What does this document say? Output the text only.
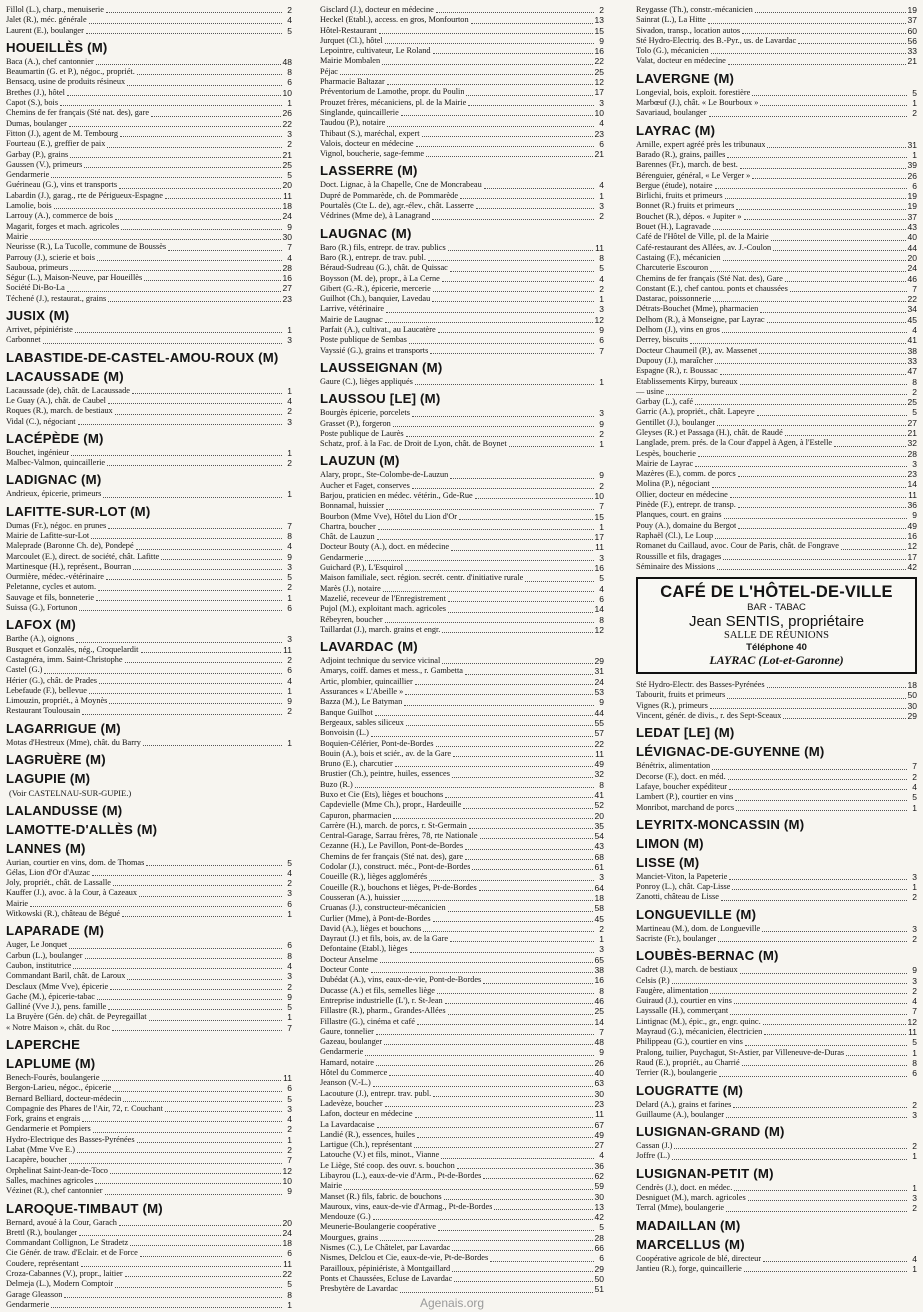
Fillol (L.), charp., menuiserie	2
Jalet (R.), méc. générale	4
Laurent (E.), boulanger	5
HOUEILLÈS (M)
Baca (A.), chef cantonnier	48
Beaumartin (G. et P.), négoc., propriét.	8
Bensacq, usine de produits résineux	6
Brethes (J.), hôtel	10
Capot (S.), bois	1
Chemins de fer français (Sté nat. des), gare	26
Dumas, boulanger	22
Fitton (J.), agent de M. Tembourg	3
Fourteau (E.), greffier de paix	2
Garbay (P.), grains	21
Gaussen (V.), primeurs	25
Gendarmerie	5
Guérineau (G.), vins et transports	20
Labardin (J.), garag., rte de Périgueux-Espagne	11
Lamolie, bois	18
Larrouy (A.), commerce de bois	24
Magarit, forges et mach. agricoles	9
Mairie	30
Neurisse (R.), La Tucolle, commune de Boussès	7
Parrouy (J.), scierie et bois	4
Sauboua, primeurs	28
Ségur (L.), Maison-Neuve, par Houeillès	16
Société Di-Bo-La	27
Téchené (J.), restaurat., grains	23
JUSIX (M)
Arrivet, pépiniériste	1
Carbonnet	3
LABASTIDE-DE-CASTEL-AMOU-ROUX (M)
LACAUSSADE (M)
Lacaussade (de), chât. de Lacaussade	1
Le Guay (A.), chât. de Caubel	4
Roques (R.), march. de bestiaux	2
Vidal (C.), négociant	3
LACÉPÈDE (M)
Bouchet, ingénieur	1
Malbec-Valmon, quincaillerie	2
LADIGNAC (M)
Andrieux, épicerie, primeurs	1
LAFITTE-SUR-LOT (M)
Dumas (Fr.), négoc. en prunes	7
Mairie de Lafitte-sur-Lot	8
Maleprade (Baronne Ch. de), Pondepé	4
Marcoulet (E.), direct. de société, chât. Lafitte	9
Martinesque (H.), représent., Bourran	3
Ourmière, médec.-vétérinaire	5
Peletanne, cycles et autom.	2
Sauvage et fils, bonneterie	1
Suissa (G.), Fortunon	6
LAFOX (M)
Barthe (A.), oignons	3
Busquet et Gonzalès, nég., Croquelardit	11
Castagnéra, imm. Saint-Christophe	2
Castel (G.)	6
Hérier (G.), chât. de Prades	4
Lebefaude (F.), bellevue	1
Limouzin, propriét., à Moynès	9
Restaurant Toulousain	2
LAGARRIGUE (M)
Motas d'Hestreux (Mme), chât. du Barry	1
LAGRUÈRE (M)
LAGUPIE (M)
(Voir CASTELNAU-SUR-GUPIE.)
LALANDUSSE (M)
LAMOTTE-D'ALLÈS (M)
LANNES (M)
Aurian, courtier en vins, dom. de Thomas	5
Gélas, Lion d'Or d'Auzac	4
Joly, propriét., chât. de Lassalle	2
Kauffer (J.), avoc. à la Cour, à Cazeaux	3
Mairie	6
Witkowski (R.), château de Bégué	1
LAPARADE (M)
Auger, Le Jonquet	6
Carbun (L.), boulanger	8
Caubon, institutrice	4
Commandant Baril, chât. de Laroux	3
Desclaux (Mme Vve), épicerie	2
Gache (M.), épicerie-tabac	9
Galliné (Vve J.), pens. famille	5
La Bruyère (Gén. de) chât. de Peyregaillat	1
« Notre Maison », chât. du Roc	7
LAPERCHE
LAPLUME (M)
Benech-Fourès, boulangerie	11
Bergon-Larieu, négoc., épicerie	6
Bernard Belliard, docteur-médecin	5
Compagnie des Phares de l'Air, 72, r. Couchant	3
Fork, grains et engrais	4
Gendarmerie et Pompiers	2
Hydro-Electrique des Basses-Pyrénées	1
Labat (Mme Vve E.)	2
Lacapère, boucher	7
Orphelinat Saint-Jean-de-Toco	12
Salles, machines agricoles	10
Vézinet (R.), chef cantonnier	9
LAROQUE-TIMBAUT (M)
Bernard, avoué à la Cour, Garach	20
Brettl (R.), boulanger	24
Commandant Collignon, Le Stradetz	18
Cie Génér. de traw. d'Eclair. et de Force	6
Coudere, représentant	11
Croza-Cabannes (V.), propr., laitier	22
Delmeja (L.), Modern Comptoir	5
Garage Gleasson	8
Gendarmerie	1
Gisclard (J.), docteur en médecine	2
Heckel (Etabl.), access. en gros, Monfourton	13
Hôtel-Restaurant	15
Jurquet (Cl.), hôtel	9
Lepointre, cultivateur, Le Roland	16
Mairie Mombalen	22
Péjac	25
Pharmacie Baltazar	12
Préventorium de Lamothe, propr. du Poulin	17
Prouzet frères, mécaniciens, pl. de la Mairie	3
Singlande, quincaillerie	10
Taudou (P.), notaire	4
Thibaut (S.), maréchal, expert	23
Valois, docteur en médecine	6
Vignol, boucherie, sage-femme	21
LASSERRE (M)
Doct. Lignac, à la Chapelle, Cne de Moncrabeau	4
Dupré de Pommarède, ch. de Pommarède	1
Pourtalès (Cte L. de), agr.-élev., chât. Lasserre	3
Védrines (Mme de), à Lanagrand	2
LAUGNAC (M)
Baro (R.) fils, entrepr. de trav. publics	11
Baro (R.), entrepr. de trav. publ.	8
Béraud-Sudreau (G.), chât. de Quissac	5
Boysson (M. de), propr., à La Cerne	4
Gibert (G.-R.), épicerie, mercerie	2
Guilhot (Ch.), banquier, Lavedau	1
Larrive, vétérinaire	3
Mairie de Laugnac	12
Parfait (A.), cultivat., au Laucatère	9
Poste publique de Sembas	6
Vayssié (G.), grains et transports	7
LAUSSEIGNAN (M)
Gaure (C.), lièges appliqués	1
LAUSSOU [LE] (M)
Bourgès épicerie, porcelets	3
Grasset (P.), forgeron	9
Poste publique de Laurès	2
Schatz, prof. à la Fac. de Droit de Lyon, chât. de Boynet	1
LAUZUN (M)
Alary, propr., Ste-Colombe-de-Lauzun	9
Aucher et Faget, conserves	2
Barjou, praticien en médec. vétérin., Gde-Rue	10
Bonnamal, huissier	7
Bourbon (Mme Vve), Hôtel du Lion d'Or	15
Chartra, boucher	1
Chât. de Lauzun	17
Docteur Bouty (A.), doct. en médecine	11
Gendarmerie	3
Guichard (P.), L'Esquirol	16
Maison familiale, sect. région. secrét. centr. d'initiative rurale	5
Marès (J.), notaire	4
Mazelié, receveur de l'Enregistrement	6
Pujol (M.), exploitant mach. agricoles	14
Rébeyren, boucher	8
Taillardat (J.), march. grains et engr.	12
LAVARDAC (M)
Adjoint technique du service vicinal	29
Amarys, coiff. dames et mess., r. Gambetta	31
Artic, plombier, quincaillier	24
Assurances « L'Abeille »	53
Bazza (M.), Le Batyman	9
Banque Guilhot	44
Bergeaux, sables siliceux	55
Bonvoisin (L.)	57
Boquien-Célérier, Pont-de-Bordes	22
Bouin (A.), bois et sciér., av. de la Gare	11
Bruno (E.), charcutier	49
Brustier (Ch.), peintre, huiles, essences	32
Buzo (R.)	8
Buxo et Cie (Ets), lièges et bouchons	41
Capdevielle (Mme Ch.), propr., Hardeuille	52
Capuron, pharmacien	20
Carrère (H.), march. de porcs, r. St-Germain	35
Central-Garage, Sarrau frères, 78, rte Nationale	54
Cezanne (H.), Le Pavillon, Pont-de-Bordes	43
Chemins de fer français (Sté nat. des), gare	68
Codolar (J.), construct. méc., Pont-de-Bordes	61
Coueille (R.), lièges agglomérés	3
Coueille (R.), bouchons et lièges, Pt-de-Bordes	64
Cousseran (A.), huissier	18
Cruanas (J.), constructeur-mécanicien	58
Curlier (Mme), à Pont-de-Bordes	45
David (A.), lièges et bouchons	2
Dayraut (J.) et fils, bois, av. de la Gare	1
Defontaine (Etabl.), lièges	3
Docteur Anselme	65
Docteur Conte	38
Dubédat (A.), vins, eaux-de-vie, Pont-de-Bordes	16
Ducasse (A.) et fils, semelles liège	8
Entreprise industrielle (L'), r. St-Jean	46
Fillastre (R.), pharm., Grandes-Allées	25
Fillastre (G.), cinéma et café	14
Gaure, tonnelier	7
Gazeau, boulanger	48
Gendarmerie	9
Hamard, notaire	26
Hôtel du Commerce	40
Jeanson (V.-L.)	63
Lacouture (J.), entrepr. trav. publ.	30
Ladevèze, boucher	23
Lafon, docteur en médecine	11
La Lavardacaise	67
Landié (R.), essences, huiles	49
Lartigue (Ch.), représentant	27
Latouche (V.) et fils, minot., Vianne	4
Le Liège, Sté coop. des ouvr. s. bouchon	36
Libayrou (L.), eaux-de-vie d'Arm., Pt-de-Bordes	62
Mairie	59
Manset (R.) fils, fabric. de bouchons	30
Mauroux, vins, eaux-de-vie d'Armag., Pt-de-Bordes	13
Mendouze (G.)	42
Meunerie-Boulangerie coopérative	5
Mourgues, grains	28
Nismes (C.), Le Châtelet, par Lavardac	66
Nismes, Delclou et Cie, eaux-de-vie, Pt-de-Bordes	6
Parailloux, pépiniériste, à Montgaillard	29
Ponts et Chaussées, Ecluse de Lavardac	50
Presbytère de Lavardac	51
Reygasse (Th.), constr.-mécanicien	19
Sainrat (L.), La Hitte	37
Sivadon, transp., location autos	60
Sté Hydro-Electriq. des B.-Pyr., us. de Lavardac	56
Tolo (G.), mécanicien	33
Valat, docteur en médecine	21
LAVERGNE (M)
Longevial, bois, exploit. forestière	5
Marbœuf (J.), chât. « Le Bourboux »	1
Savariaud, boulanger	2
LAYRAC (M)
Arnille, expert agréé près les tribunaux	31
Barado (R.), grains, pailles	1
Barennes (Fr.), march. de best.	39
Bérenguier, général, « Le Verger »	26
Bergue (étude), notaire	6
Birlichi, fruits et primeurs	19
Bonnet (R.) fruits et primeurs	19
Bouchet (R.), dépos. « Jupiter »	37
Bouet (H.), Lagravade	43
Café de l'Hôtel de Ville, pl. de la Mairie	40
Café-restaurant des Allées, av. J.-Coulon	44
Castaing (F.), mécanicien	20
Charcuterie Escouron	24
Chemins de fer français (Sté Nat. des), Gare	46
Constant (E.), chef cantou. ponts et chaussées	7
Dastarac, poissonnerie	22
Détrats-Bouchet (Mme), pharmacien	34
Delhom (R.), à Monseigne, par Layrac	45
Delhom (J.), vins en gros	4
Derrey, biscuits	41
Docteur Chaumeil (P.), av. Massenet	38
Dupouy (J.), maraîcher	33
Espagne (R.), r. Boussac	47
Etablissements Kirpy, bureaux	8
— usine	2
Garbay (L.), café	25
Garric (A.), propriét., chât. Lapeyre	5
Gentillet (J.), boulanger	27
Gleyses (R.) et Passaga (H.), chât. de Raudé	21
Langlade, prem. prés. de la Cour d'appel à Agen, à l'Estelle	32
Lespès, boucherie	28
Mairie de Layrac	3
Mazères (E.), comm. de porcs	23
Molina (P.), négociant	14
Ollier, docteur en médecine	11
Pinède (F.), entrepr. de transp.	36
Planques, court. en grains	9
Pouy (A.), domaine du Bergot	49
Raphaël (Cl.), Le Loup	16
Romanet du Caillaud, avoc. Cour de Paris, chât. de Fongrave	12
Roussille et fils, dragages	17
Séminaire des Missions	42
CAFÉ DE L'HÔTEL-DE-VILLE
BAR - TABAC
Jean SENTIS, propriétaire
SALLE DE RÉUNIONS
Téléphone 40
LAYRAC (Lot-et-Garonne)
Sté Hydro-Electr. des Basses-Pyrénées	18
Tabourit, fruits et primeurs	50
Vignes (R.), primeurs	30
Vincent, génér. de divis., r. des Sept-Sceaux	29
LEDAT [LE] (M)
LÉVIGNAC-DE-GUYENNE (M)
Bénétrix, alimentation	7
Decorse (F.), doct. en méd.	2
Lafaye, boucher expéditeur	4
Lambert (P.), courtier en vins	5
Monribot, marchand de porcs	1
LEYRITX-MONCASSIN (M)
LIMON (M)
LISSE (M)
Manciet-Viton, la Papeterie	3
Ponroy (L.), chât. Cap-Lisse	1
Zanotti, château de Lisse	2
LONGUEVILLE (M)
Martineau (M.), dom. de Longueville	3
Sacriste (Fr.), boulanger	2
LOUBÈS-BERNAC (M)
Cadret (J.), march. de bestiaux	9
Celsis (P.)	3
Faugère, alimentation	2
Guiraud (J.), courtier en vins	4
Layssalle (H.), commerçant	7
Lintignac (M.), épic., gr., engr. quinc.	12
Mayraud (G.), mécanicien, électricien	11
Philippeau (G.), courtier en vins	5
Pralong, tuilier, Puychagut, St-Astier, par Villeneuve-de-Duras	1
Raud (E.), propriét., au Charrié	8
Terrier (R.), boulangerie	6
LOUGRATTE (M)
Delard (A.), grains et farines	2
Guillaume (A.), boulanger	3
LUSIGNAN-GRAND (M)
Cassan (J.)	2
Joffre (L.)	1
LUSIGNAN-PETIT (M)
Cendrès (J.), doct. en médec.	1
Desniguet (M.), march. agricoles	3
Terral (Mme), boulangerie	2
MADAILLAN (M)
MARCELLUS (M)
Coopérative agricole de blé, directeur	4
Jantieu (R.), forge, quincaillerie	1
Agenais.org
